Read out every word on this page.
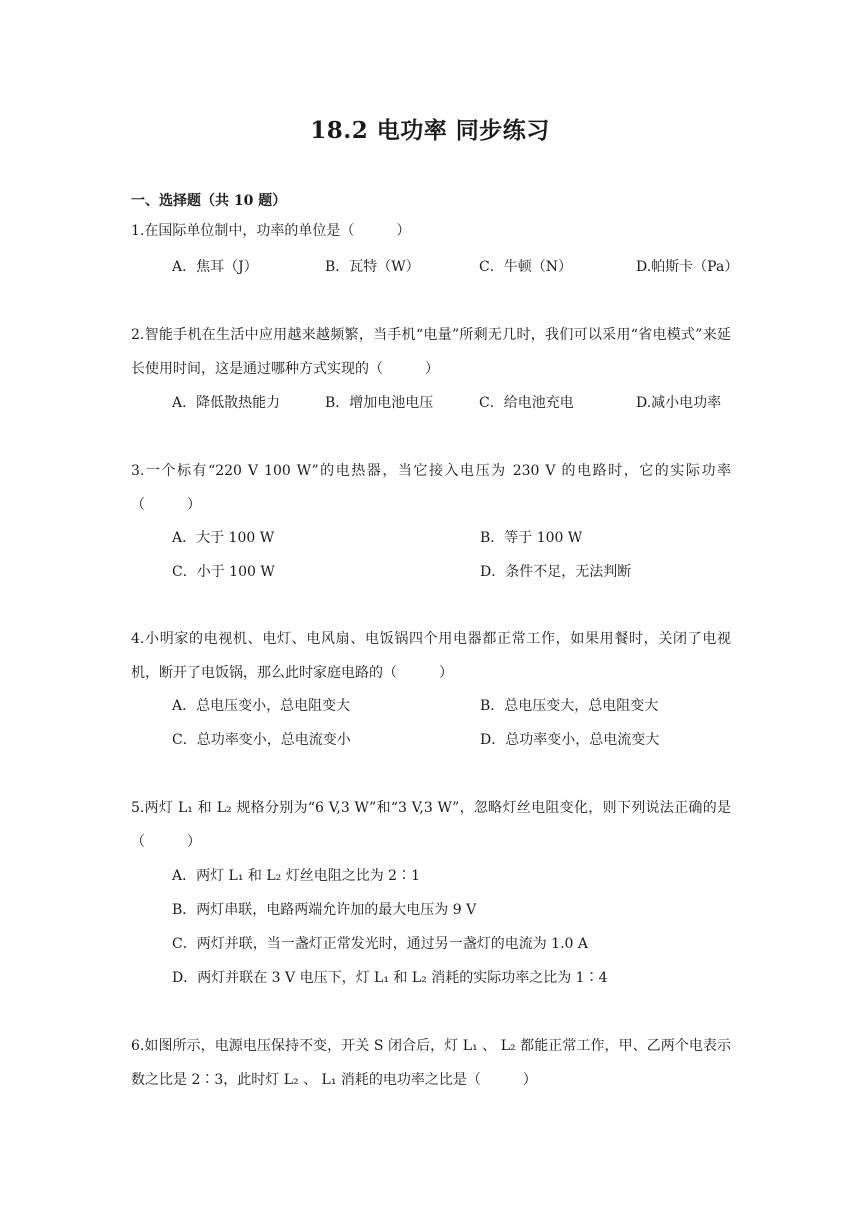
18.2 电功率 同步练习
一、选择题（共 10 题）

1.在国际单位制中，功率的单位是（　　　）

A．焦耳（J）	B．瓦特（W）	C．牛顿（N）	D.帕斯卡（Pa）

2.智能手机在生活中应用越来越频繁，当手机“电量”所剩无几时，我们可以采用“省电模式”来延长使用时间，这是通过哪种方式实现的（　　　）

A．降低散热能力	B．增加电池电压	C．给电池充电	D.减小电功率

3.一个标有“220 V 100 W”的电热器，当它接入电压为 230 V 的电路时，它的实际功率（　　　）

A．大于 100 W	B．等于 100 W
C．小于 100 W	D．条件不足，无法判断

4.小明家的电视机、电灯、电风扇、电饭锅四个用电器都正常工作，如果用餐时，关闭了电视机，断开了电饭锅，那么此时家庭电路的（　　　）

A．总电压变小，总电阻变大	B．总电压变大，总电阻变大
C．总功率变小，总电流变小	D．总功率变小，总电流变大

5.两灯 L₁ 和 L₂ 规格分别为“6 V,3 W”和“3 V,3 W”，忽略灯丝电阻变化，则下列说法正确的是（　　　）

A．两灯 L₁ 和 L₂ 灯丝电阻之比为 2∶1
B．两灯串联，电路两端允许加的最大电压为 9 V
C．两灯并联，当一盏灯正常发光时，通过另一盏灯的电流为 1.0 A
D．两灯并联在 3 V 电压下，灯 L₁ 和 L₂ 消耗的实际功率之比为 1∶4

6.如图所示，电源电压保持不变，开关 S 闭合后，灯 L₁ 、 L₂ 都能正常工作，甲、乙两个电表示数之比是 2∶3，此时灯 L₂ 、 L₁ 消耗的电功率之比是（　　　）
